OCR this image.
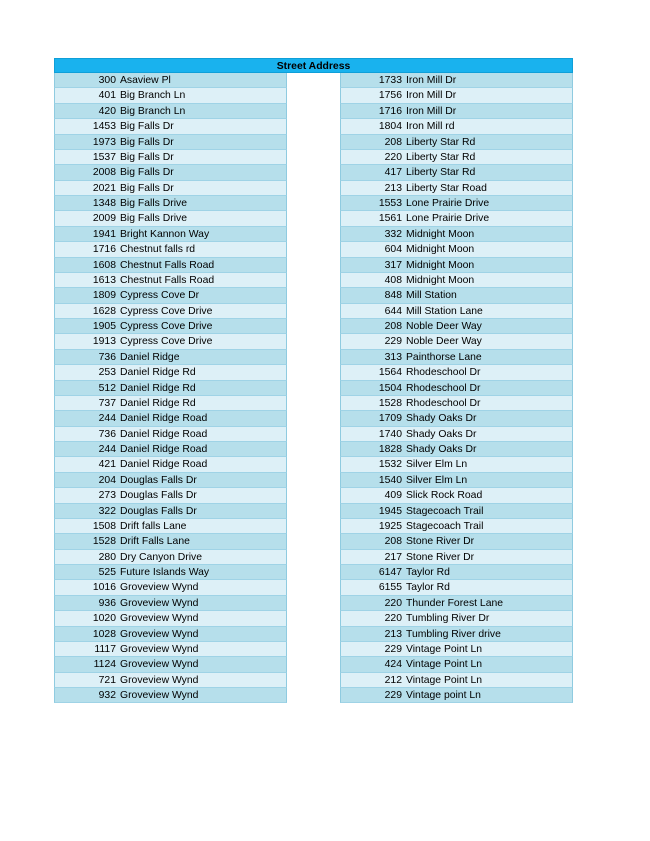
Street Address
300 Asaview Pl
401 Big Branch Ln
420 Big Branch Ln
1453 Big Falls Dr
1973 Big Falls Dr
1537 Big Falls Dr
2008 Big Falls Dr
2021 Big Falls Dr
1348 Big Falls Drive
2009 Big Falls Drive
1941 Bright Kannon Way
1716 Chestnut falls rd
1608 Chestnut Falls Road
1613 Chestnut Falls Road
1809 Cypress Cove Dr
1628 Cypress Cove Drive
1905 Cypress Cove Drive
1913 Cypress Cove Drive
736 Daniel Ridge
253 Daniel Ridge Rd
512 Daniel Ridge Rd
737 Daniel Ridge Rd
244 Daniel Ridge Road
736 Daniel Ridge Road
244 Daniel Ridge Road
421 Daniel Ridge Road
204 Douglas Falls Dr
273 Douglas Falls Dr
322 Douglas Falls Dr
1508 Drift falls Lane
1528 Drift Falls Lane
280 Dry Canyon Drive
525 Future Islands Way
1016 Groveview Wynd
936 Groveview Wynd
1020 Groveview Wynd
1028 Groveview Wynd
1117 Groveview Wynd
1124 Groveview Wynd
721 Groveview Wynd
932 Groveview Wynd
1733 Iron Mill Dr
1756 Iron Mill Dr
1716 Iron Mill Dr
1804 Iron Mill rd
208 Liberty Star Rd
220 Liberty Star Rd
417 Liberty Star Rd
213 Liberty Star Road
1553 Lone Prairie Drive
1561 Lone Prairie Drive
332 Midnight Moon
604 Midnight Moon
317 Midnight Moon
408 Midnight Moon
848 Mill Station
644 Mill Station Lane
208 Noble Deer Way
229 Noble Deer Way
313 Painthorse Lane
1564 Rhodeschool Dr
1504 Rhodeschool Dr
1528 Rhodeschool Dr
1709 Shady Oaks Dr
1740 Shady Oaks Dr
1828 Shady Oaks Dr
1532 Silver Elm Ln
1540 Silver Elm Ln
409 Slick Rock Road
1945 Stagecoach Trail
1925 Stagecoach Trail
208 Stone River Dr
217 Stone River Dr
6147 Taylor Rd
6155 Taylor Rd
220 Thunder Forest Lane
220 Tumbling River Dr
213 Tumbling River drive
229 Vintage Point Ln
424 Vintage Point Ln
212 Vintage Point Ln
229 Vintage point Ln
